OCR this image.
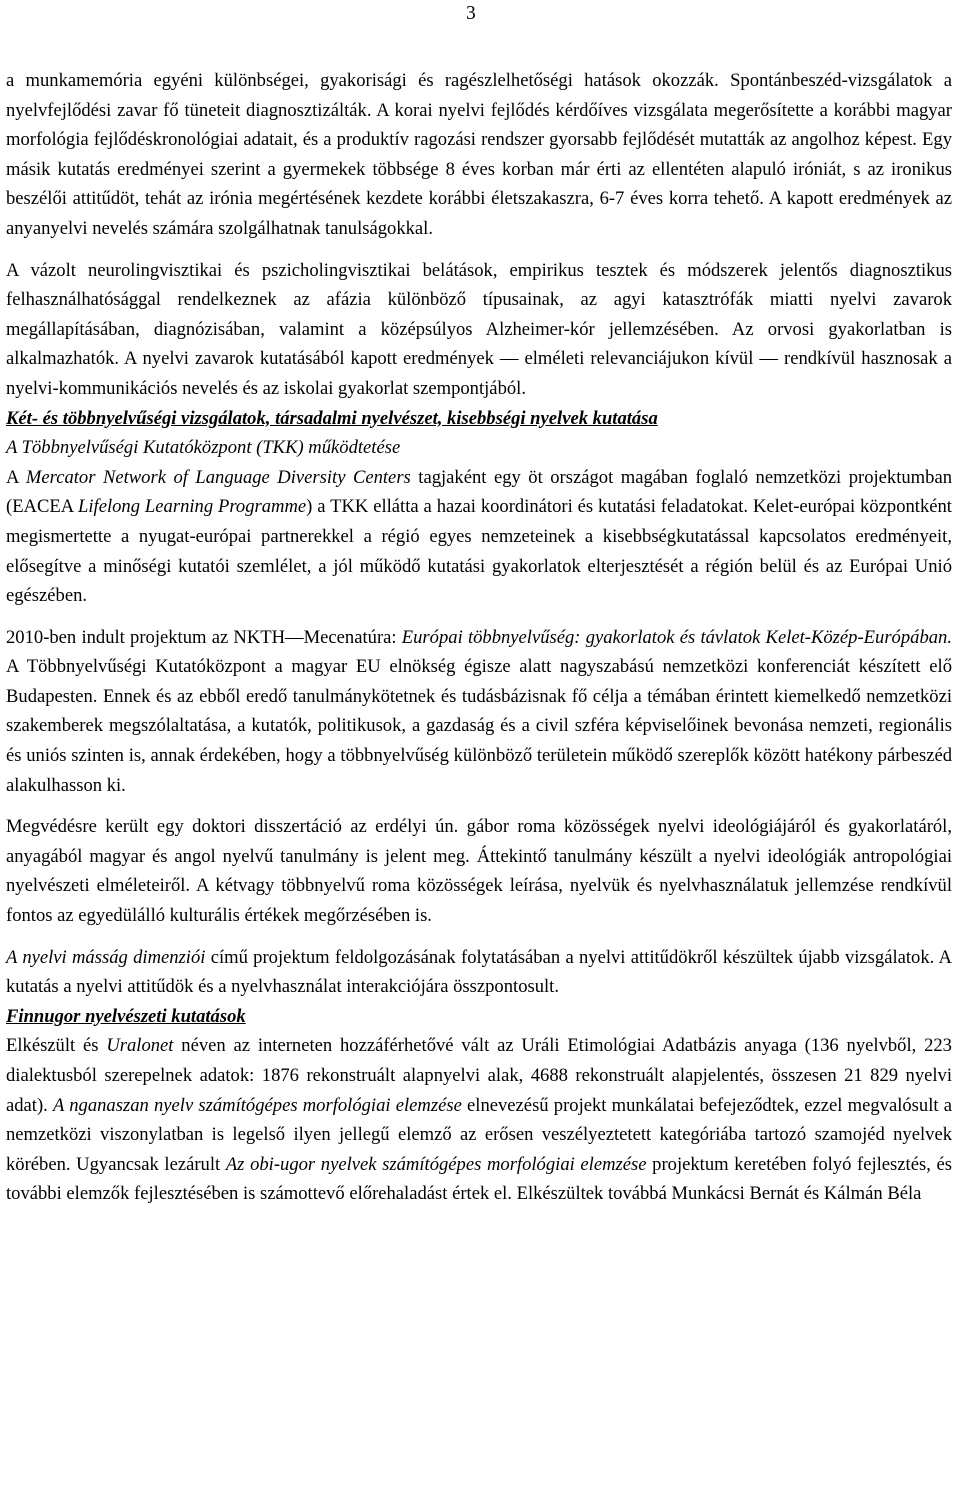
3

a munkamemória egyéni különbségei, gyakorisági és ragészlelhetőségi hatások okozzák. Spontánbeszéd-vizsgálatok a nyelvfejlődési zavar fő tüneteit diagnosztizálták. A korai nyelvi fejlődés kérdőíves vizsgálata megerősítette a korábbi magyar morfológia fejlődéskronológiai adatait, és a produktív ragozási rendszer gyorsabb fejlődését mutatták az angolhoz képest. Egy másik kutatás eredményei szerint a gyermekek többsége 8 éves korban már érti az ellentéten alapuló iróniát, s az ironikus beszélői attitűdöt, tehát az irónia megértésének kezdete korábbi életszakaszra, 6-7 éves korra tehető. A kapott eredmények az anyanyelvi nevelés számára szolgálhatnak tanulságokkal.

A vázolt neurolingvisztikai és pszicholingvisztikai belátások, empirikus tesztek és módszerek jelentős diagnosztikus felhasználhatósággal rendelkeznek az afázia különböző típusainak, az agyi katasztrófák miatti nyelvi zavarok megállapításában, diagnózisában, valamint a középsúlyos Alzheimer-kór jellemzésében. Az orvosi gyakorlatban is alkalmazhatók. A nyelvi zavarok kutatásából kapott eredmények — elméleti relevanciájukon kívül — rendkívül hasznosak a nyelvi-kommunikációs nevelés és az iskolai gyakorlat szempontjából.

Két- és többnyelvűségi vizsgálatok, társadalmi nyelvészet, kisebbségi nyelvek kutatása

A Többnyelvűségi Kutatóközpont (TKK) működtetése

A Mercator Network of Language Diversity Centers tagjaként egy öt országot magában foglaló nemzetközi projektumban (EACEA Lifelong Learning Programme) a TKK ellátta a hazai koordinátori és kutatási feladatokat. Kelet-európai központként megismertette a nyugat-európai partnerekkel a régió egyes nemzeteinek a kisebbségkutatással kapcsolatos eredményeit, elősegítve a minőségi kutatói szemlélet, a jól működő kutatási gyakorlatok elterjesztését a régión belül és az Európai Unió egészében.

2010-ben indult projektum az NKTH—Mecenatúra: Európai többnyelvűség: gyakorlatok és távlatok Kelet-Közép-Európában. A Többnyelvűségi Kutatóközpont a magyar EU elnökség égisze alatt nagyszabású nemzetközi konferenciát készített elő Budapesten. Ennek és az ebből eredő tanulmánykötetnek és tudásbázisnak fő célja a témában érintett kiemelkedő nemzetközi szakemberek megszólaltatása, a kutatók, politikusok, a gazdaság és a civil szféra képviselőinek bevonása nemzeti, regionális és uniós szinten is, annak érdekében, hogy a többnyelvűség különböző területein működő szereplők között hatékony párbeszéd alakulhasson ki.

Megvédésre került egy doktori disszertáció az erdélyi ún. gábor roma közösségek nyelvi ideológiájáról és gyakorlatáról, anyagából magyar és angol nyelvű tanulmány is jelent meg. Áttekintő tanulmány készült a nyelvi ideológiák antropológiai nyelvészeti elméleteiről. A kétvagy többnyelvű roma közösségek leírása, nyelvük és nyelvhasználatuk jellemzése rendkívül fontos az egyedülálló kulturális értékek megőrzésében is.

A nyelvi másság dimenziói című projektum feldolgozásának folytatásában a nyelvi attitűdökről készültek újabb vizsgálatok. A kutatás a nyelvi attitűdök és a nyelvhasználat interakciójára összpontosult.

Finnugor nyelvészeti kutatások

Elkészült és Uralonet néven az interneten hozzáférhetővé vált az Uráli Etimológiai Adatbázis anyaga (136 nyelvből, 223 dialektusból szerepelnek adatok: 1876 rekonstruált alapnyelvi alak, 4688 rekonstruált alapjelentés, összesen 21 829 nyelvi adat). A nganaszan nyelv számítógépes morfológiai elemzése elnevezésű projekt munkálatai befejeződtek, ezzel megvalósult a nemzetközi viszonylatban is legelső ilyen jellegű elemző az erősen veszélyeztetett kategóriába tartozó szamojéd nyelvek körében. Ugyancsak lezárult Az obi-ugor nyelvek számítógépes morfológiai elemzése projektum keretében folyó fejlesztés, és további elemzők fejlesztésében is számottevő előrehaladást értek el. Elkészültek továbbá Munkácsi Bernát és Kálmán Béla
